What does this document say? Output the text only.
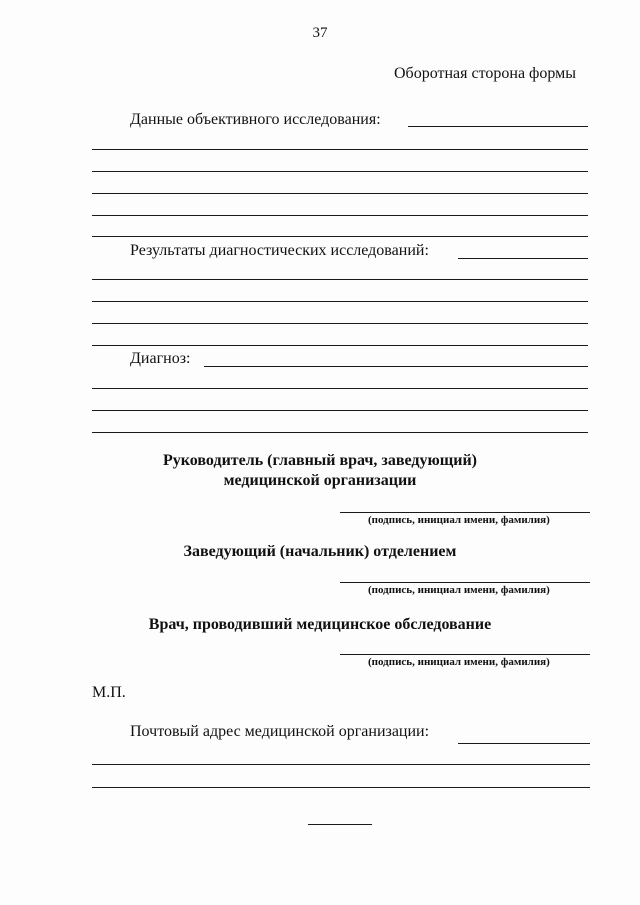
37
Оборотная сторона формы
Данные объективного исследования:
Результаты диагностических исследований:
Диагноз:
Руководитель (главный врач, заведующий)
медицинской организации
(подпись, инициал имени, фамилия)
Заведующий (начальник) отделением
(подпись, инициал имени, фамилия)
Врач, проводивший медицинское обследование
(подпись, инициал имени, фамилия)
М.П.
Почтовый адрес медицинской организации:
